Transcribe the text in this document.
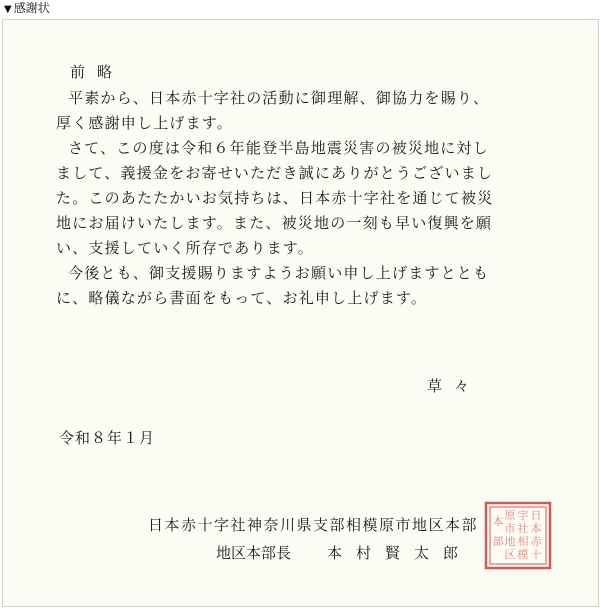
▼ 感謝状
前略
平素から、日本赤十字社の活動に御理解、御協力を賜り、
厚く感謝申し上げます。
さて、この度は令和６年能登半島地震災害の被災地に対し
まして、義援金をお寄せいただき誠にありがとうございまし
た。このあたたかいお気持ちは、日本赤十字社を通じて被災
地にお届けいたします。また、被災地の一刻も早い復興を願
い、支援していく所存であります。
今後とも、御支援賜りますようお願い申し上げますととも
に、略儀ながら書面をもって、お礼申し上げます。
草々
令和８年１月
日本赤十字社神奈川県支部相模原市地区本部
地区本部長 本村賢太郎
日
本
赤
十
字
社
相
模
原
市
地
区
本
部
